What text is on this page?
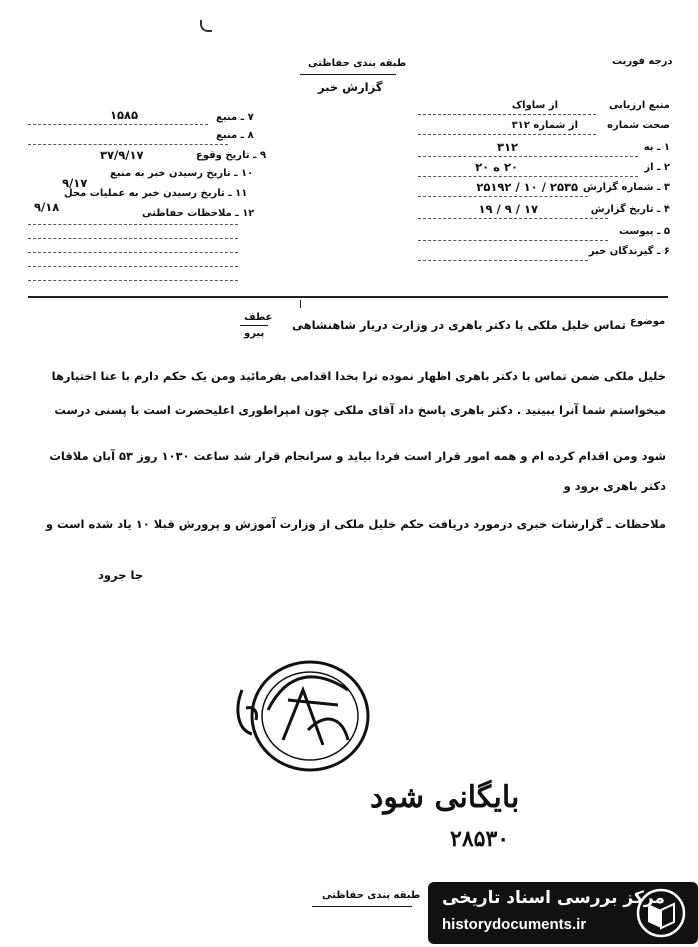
طبقه بندی حفاظتی
گزارش خبر
درجه فوریت
منبع ارزیابی
از ساواک
صحت شماره
از شماره ۳۱۲
۱ ـ به
۳۱۲
۲ ـ از
۲۰ ه ۲۰
۳ ـ شماره گزارش
۲۵۳۵ / ۱۰ / ۲۵۱۹۲
۴ ـ تاریخ گزارش
۱۷ / ۹ / ۱۹
۵ ـ پیوست
۶ ـ گیرندگان خبر
۷ ـ منبع
۱۵۸۵
۸ ـ منبع
۹ ـ تاریخ وقوع
۳۷/۹/۱۷
۱۰ ـ تاریخ رسیدن خبر به منبع
۹/۱۷
۱۱ ـ تاریخ رسیدن خبر به عملیات محل
۹/۱۸	۱۲ ـ ملاحظات حفاظتی
موضوع
تماس خلیل ملکی با دکتر باهری در وزارت دربار شاهنشاهی
عطف
پیرو
خلیل ملکی ضمن تماس با دکتر باهری اظهار نموده ترا بخدا اقدامی بفرمائید ومن یک حکم دارم با عنا اختیارها
میخواستم شما آنرا ببینید . دکتر باهری پاسخ داد آقای ملکی چون امپراطوری اعلیحضرت است با پسنی درست
شود ومن اقدام کرده ام و همه امور قرار است فردا بیاید و سرانجام قرار شد ساعت ۱۰۳۰ روز ۵۳ آبان ملاقات
دکتر باهری برود و
ملاحظات ـ گزارشات خبری درمورد دریافت حکم خلیل ملکی از وزارت آموزش و پرورش قبلا ۱۰ یاد شده است و
جا جرود
بایگانی شود
۲۸۵۳۰
طبقه بندی حفاظتی مرکز بررسی اسناد تاریخی
historydocuments.ir
